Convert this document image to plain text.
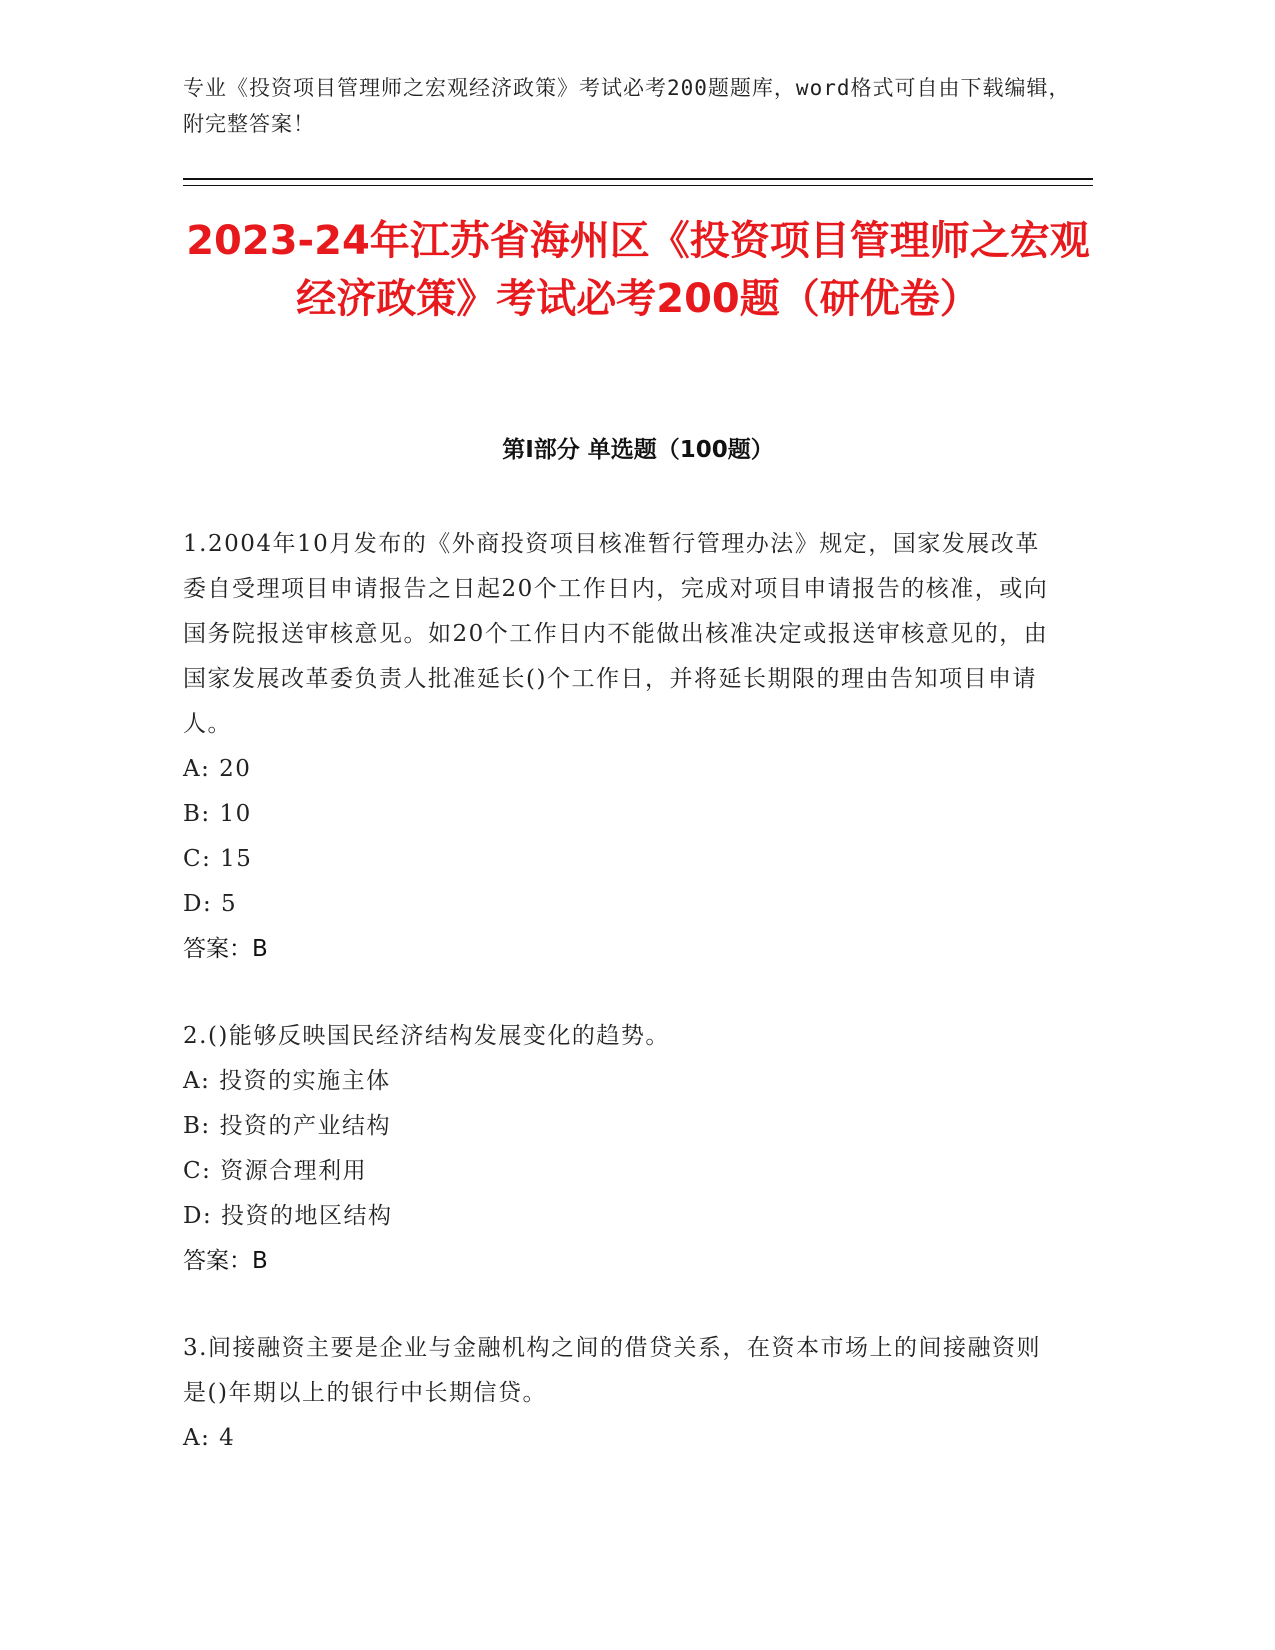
专业《投资项目管理师之宏观经济政策》考试必考200题题库，word格式可自由下载编辑，附完整答案！
2023-24年江苏省海州区《投资项目管理师之宏观经济政策》考试必考200题（研优卷）
第I部分 单选题（100题）

1.2004年10月发布的《外商投资项目核准暂行管理办法》规定，国家发展改革委自受理项目申请报告之日起20个工作日内，完成对项目申请报告的核准，或向国务院报送审核意见。如20个工作日内不能做出核准决定或报送审核意见的，由国家发展改革委负责人批准延长()个工作日，并将延长期限的理由告知项目申请人。

A: 20

B: 10

C: 15

D: 5

答案：B

2.()能够反映国民经济结构发展变化的趋势。

A: 投资的实施主体

B: 投资的产业结构

C: 资源合理利用

D: 投资的地区结构

答案：B

3.间接融资主要是企业与金融机构之间的借贷关系，在资本市场上的间接融资则是()年期以上的银行中长期信贷。

A: 4
